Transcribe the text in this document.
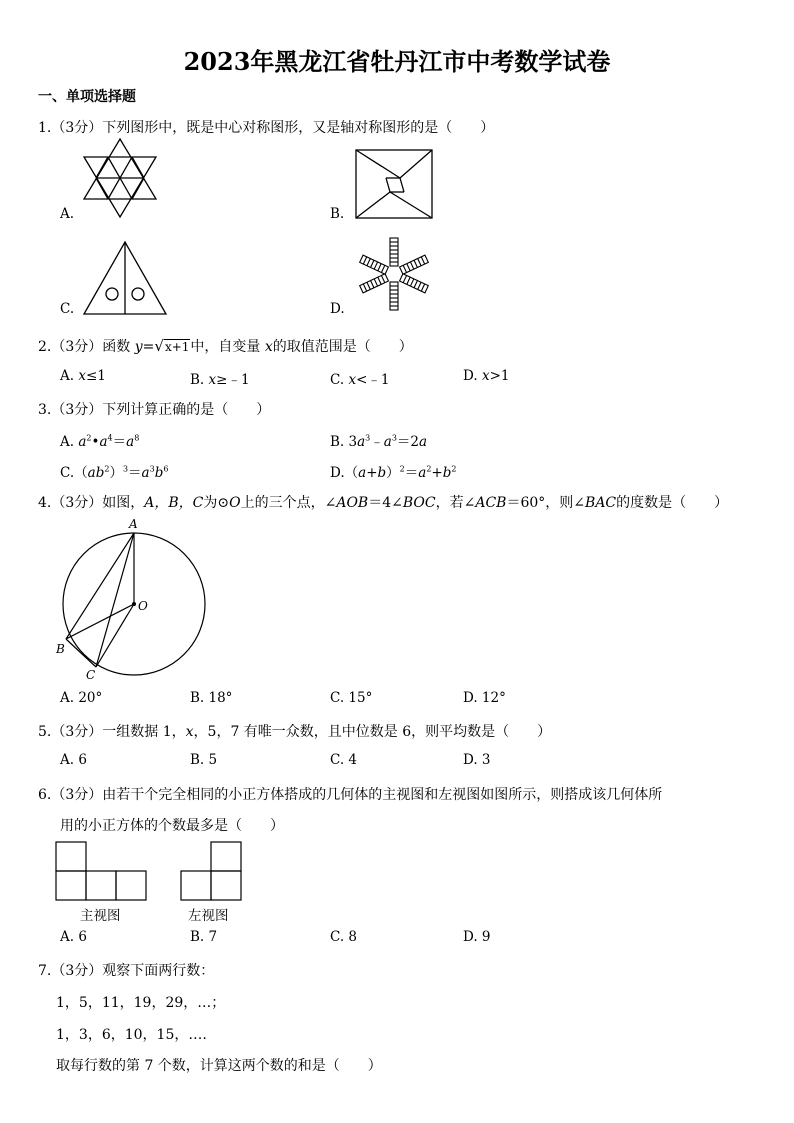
2023年黑龙江省牡丹江市中考数学试卷
一、单项选择题
1.（3分）下列图形中，既是中心对称图形，又是轴对称图形的是（　　）
A.	B.
C.	D.
2.（3分）函数 y=√x+1中，自变量 x的取值范围是（　　）
A. x≤1	B. x≥﹣1	C. x<﹣1	D. x>1
3.（3分）下列计算正确的是（　　）
A. $a^2•a^4=a^8$	B. $3a^3﹣a^3=2a$
$C.(ab^2)^3=a^3b^6$	$D.(a+b)^2=a^2+b^2$
4.（3分）如图，A，B，C为⊙O上的三个点，∠AOB＝4∠BOC，若∠ACB＝60°，则∠BAC的度数是（　　）
A
O
B
C
A. 20°	B. 18°	C. 15°	D. 12°
5.（3分）一组数据 1，x，5，7 有唯一众数，且中位数是 6，则平均数是（　　）
A. 6	B. 5	C. 4	D. 3
6.（3分）由若干个完全相同的小正方体搭成的几何体的主视图和左视图如图所示，则搭成该几何体所
用的小正方体的个数最多是（　　）
主视图	左视图
A. 6	B. 7	C. 8	D. 9
7.（3分）观察下面两行数：
1，5，11，19，29，…；
1，3，6，10，15，….
取每行数的第 7 个数，计算这两个数的和是（　　）
